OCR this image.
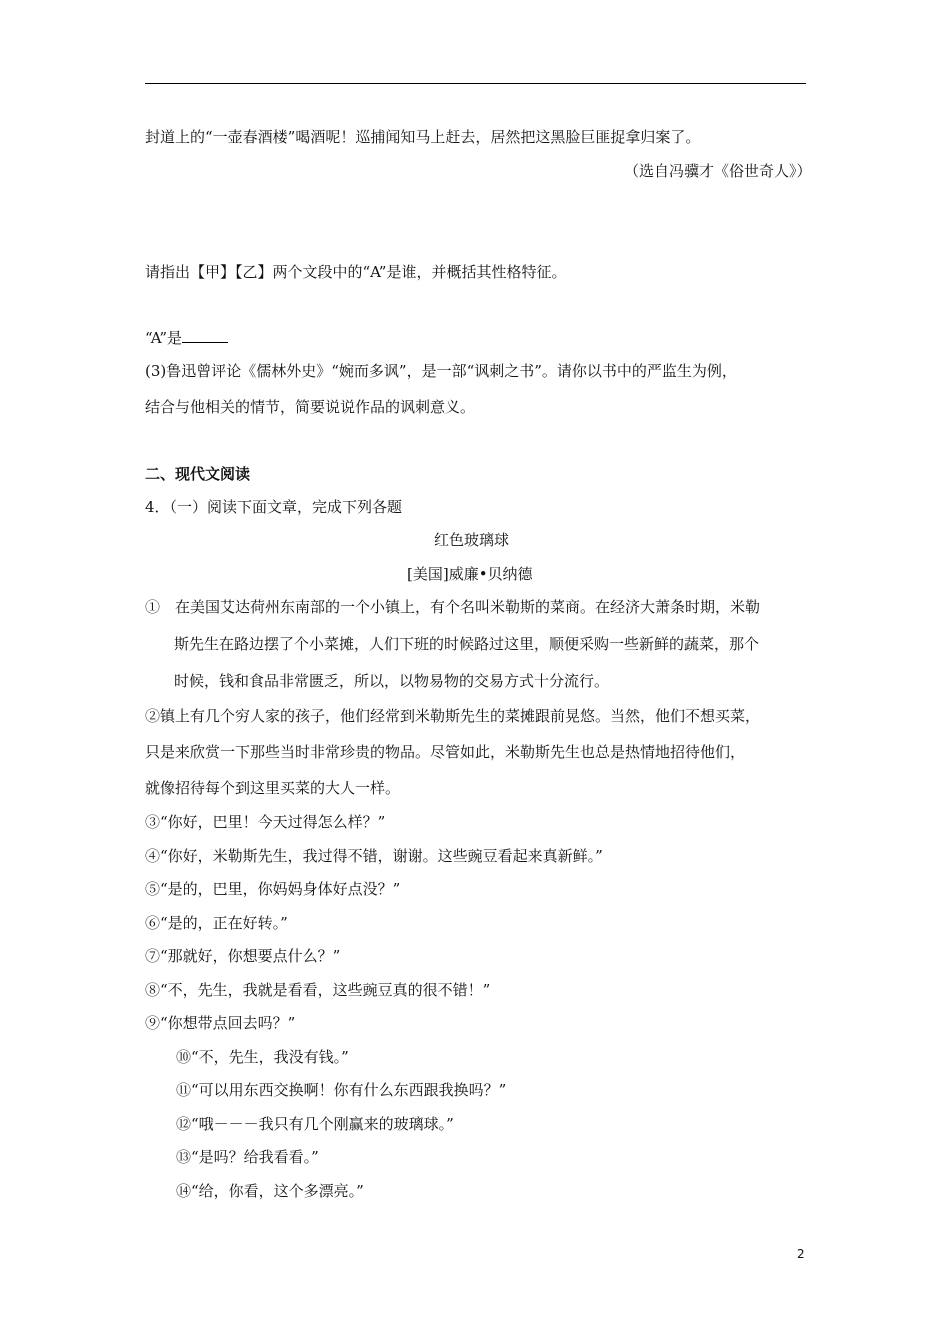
封道上的“一壶春酒楼”喝酒呢！巡捕闻知马上赶去，居然把这黑脸巨匪捉拿归案了。
（选自冯骥才《俗世奇人》）
请指出【甲】【乙】两个文段中的“A”是谁，并概括其性格特征。
“A”是
(3)鲁迅曾评论《儒林外史》“婉而多讽”，是一部“讽刺之书”。请你以书中的严监生为例，
结合与他相关的情节，简要说说作品的讽刺意义。
二、现代文阅读
4．（一）阅读下面文章，完成下列各题
红色玻璃球
[美国]威廉•贝纳德
①　在美国艾达荷州东南部的一个小镇上，有个名叫米勒斯的菜商。在经济大萧条时期，米勒
斯先生在路边摆了个小菜摊，人们下班的时候路过这里，顺便采购一些新鲜的蔬菜，那个
时候，钱和食品非常匮乏，所以，以物易物的交易方式十分流行。
②镇上有几个穷人家的孩子，他们经常到米勒斯先生的菜摊跟前晃悠。当然，他们不想买菜，
只是来欣赏一下那些当时非常珍贵的物品。尽管如此，米勒斯先生也总是热情地招待他们，
就像招待每个到这里买菜的大人一样。
③“你好，巴里！今天过得怎么样？”
④“你好，米勒斯先生，我过得不错，谢谢。这些豌豆看起来真新鲜。”
⑤“是的，巴里，你妈妈身体好点没？”
⑥“是的，正在好转。”
⑦“那就好，你想要点什么？”
⑧“不，先生，我就是看看，这些豌豆真的很不错！”
⑨“你想带点回去吗？”
⑩“不，先生，我没有钱。”
⑪“可以用东西交换啊！你有什么东西跟我换吗？”
⑫“哦－－－我只有几个刚赢来的玻璃球。”
⑬“是吗？给我看看。”
⑭“给，你看，这个多漂亮。”
2
